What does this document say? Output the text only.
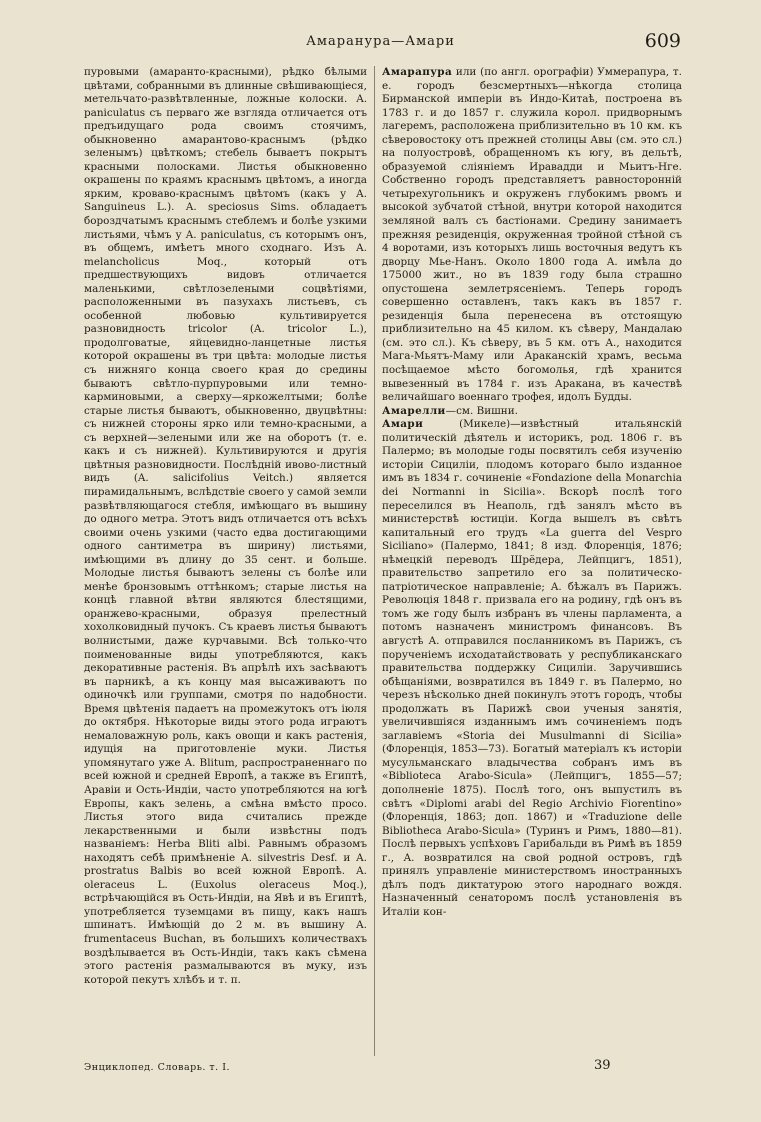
Амаранура—Амари	609

пуровыми (амаранто-красными), рѣдко бѣлыми цвѣтами, собранными въ длинные свѣшивающiеся, метельчато-развѣтвленные, ложные колоски. A. paniculatus съ перваго же взгляда отличается отъ предъидущаго рода своимъ стоячимъ, обыкновенно амарантово-краснымъ (рѣдко зеленымъ) цвѣткомъ; стебель бываетъ покрытъ красными полосками. Листья обыкновенно окрашены по краямъ краснымъ цвѣтомъ, а иногда ярким, кроваво-краснымъ цвѣтомъ (какъ у A. Sanguineus L.). A. speciosus Sims. обладаетъ бороздчатымъ краснымъ стеблемъ и болѣе узкими листьями, чѣмъ у A. paniculatus, съ которымъ онъ, въ общемъ, имѣетъ много сходнаго. Изъ A. melancholicus Moq., который отъ предшествующихъ видовъ отличается маленькими, свѣтлозелеными соцвѣтіями, расположенными въ пазухахъ листьевъ, съ особенной любовью культивируется разновидность tricolor (A. tricolor L.), продолговатые, яйцевидно-ланцетные листья которой окрашены въ три цвѣта: молодые листья съ нижняго конца своего края до средины бываютъ свѣтло-пурпуровыми или темно-карминовыми, а сверху—яркожелтыми; болѣе старые листья бываютъ, обыкновенно, двуцвѣтны: съ нижней стороны ярко или темно-красными, а съ верхней—зелеными или же на оборотъ (т. е. какъ и съ нижней). Культивируются и другія цвѣтныя разновидности. Послѣдній ивово-листный видъ (A. salicifolius Veitch.) является пирамидальнымъ, вслѣдствіе своего у самой земли развѣтвляющагося стебля, имѣющаго въ вышину до одного метра. Этотъ видъ отличается отъ всѣхъ своими очень узкими (часто едва достигающими одного сантиметра въ ширину) листьями, имѣющими въ длину до 35 сент. и больше. Молодые листья бываютъ зелены съ болѣе или менѣе бронзовымъ оттѣнкомъ; старые листья на концѣ главной вѣтви являются блестящими, оранжево-красными, образуя прелестный хохолковидный пучокъ. Съ краевъ листья бываютъ волнистыми, даже курчавыми. Всѣ только-что поименованные виды употребляются, какъ декоративные растенія. Въ апрѣлѣ ихъ засѣваютъ въ парникѣ, а къ концу мая высаживаютъ по одиночкѣ или группами, смотря по надобности. Время цвѣтенія падаетъ на промежутокъ отъ іюля до октября. Нѣкоторые виды этого рода играютъ немаловажную роль, какъ овощи и какъ растенія, идущія на приготовленіе муки. Листья упомянутаго уже A. Blitum, распространеннаго по всей южной и средней Европѣ, а также въ Египтѣ, Аравіи и Ость-Индіи, часто употребляются на югѣ Европы, какъ зелень, а смѣна вмѣсто просо. Листья этого вида считались прежде лекарственными и были извѣстны подъ названіемъ: Herba Bliti albi. Равнымъ образомъ находятъ себѣ примѣненіе A. silvestris Desf. и A. prostratus Balbis во всей южной Европѣ. A. oleraceus L. (Euxolus oleraceus Moq.), встрѣчающійся въ Ость-Индіи, на Явѣ и въ Египтѣ, употребляется туземцами въ пищу, какъ нашъ шпинатъ. Имѣющій до 2 м. въ вышину A. frumentaceus Buchan, въ большихъ количествахъ воздѣлывается въ Ость-Индіи, такъ какъ сѣмена этого растенія размалываются въ муку, изъ которой пекутъ хлѣбъ и т. п.

Амарапура или (по англ. орографіи) Уммерапура, т. е. городъ безсмертныхъ—нѣкогда столица Бирманской имперіи въ Индо-Китаѣ, построена въ 1783 г. и до 1857 г. служила корол. придворнымъ лагеремъ, расположена приблизительно въ 10 км. къ сѣверовостоку отъ прежней столицы Авы (см. это сл.) на полуостровѣ, обращенномъ къ югу, въ дельтѣ, образуемой сліяніемъ Иравадди и Мьитъ-Нге. Собственно городъ представляетъ равносторонній четырехугольникъ и окруженъ глубокимъ рвомъ и высокой зубчатой стѣной, внутри которой находится земляной валъ съ бастіонами. Средину занимаетъ прежняя резиденція, окруженная тройной стѣной съ 4 воротами, изъ которыхъ лишь восточныя ведутъ къ дворцу Мье-Нанъ. Около 1800 года A. имѣла до 175000 жит., но въ 1839 году была страшно опустошена землетрясеніемъ. Теперь городъ совершенно оставленъ, такъ какъ въ 1857 г. резиденція была перенесена въ отстоящую приблизительно на 45 килом. къ сѣверу, Мандалаю (см. это сл.). Къ сѣверу, въ 5 км. отъ A., находится Мага-Мьятъ-Маму или Араканскій храмъ, весьма посѣщаемое мѣсто богомолья, гдѣ хранится вывезенный въ 1784 г. изъ Аракана, въ качествѣ величайшаго военнаго трофея, идолъ Будды.

Амарелли—см. Вишни.

Амари	(Микеле)—извѣстный итальянскій политическій дѣятель и историкъ, род. 1806 г. въ Палермо; въ молодые годы посвятилъ себя изученію исторіи Сициліи, плодомъ котораго было изданное имъ въ 1834 г. сочиненіе «Fondazione della Monarchia dei Normanni in Sicilia». Вскорѣ послѣ того переселился въ Неаполь, гдѣ занялъ мѣсто въ министерствѣ юстиціи. Когда вышелъ въ свѣтъ капитальный его трудъ «La guerra del Vespro Siciliano» (Палермо, 1841; 8 изд. Флоренція, 1876; нѣмецкій переводъ Шрёдера, Лейпцигъ, 1851), правительство запретило его за политическо-патріотическое направленіе; A. бѣжалъ въ Парижъ. Революція 1848 г. призвала его на родину, гдѣ онъ въ томъ же году былъ избранъ въ члены парламента, а потомъ назначенъ министромъ финансовъ. Въ августѣ A. отправился посланникомъ въ Парижъ, съ порученіемъ исходатайствовать у республиканскаго правительства поддержку Сициліи. Заручившись обѣщаніями, возвратился въ 1849 г. въ Палермо, но черезъ нѣсколько дней покинулъ этотъ городъ, чтобы продолжать въ Парижѣ свои ученыя занятія, увеличившіяся изданнымъ имъ сочиненіемъ подъ заглавіемъ «Storia dei Musulmanni di Sicilia» (Флоренція, 1853—73). Богатый матеріалъ къ исторіи мусульманскаго владычества собранъ имъ въ «Biblioteca Arabo-Sicula» (Лейпцигъ, 1855—57; дополненіе 1875). Послѣ того, онъ выпустилъ въ свѣтъ «Diplomi arabi del Regio Archivio Fiorentino» (Флоренція, 1863; доп. 1867) и «Traduzione delle Bibliotheca Arabo-Sicula» (Туринъ и Римъ, 1880—81). Послѣ первыхъ успѣховъ Гарибальди въ Римѣ въ 1859 г., A. возвратился на свой родной островъ, гдѣ принялъ управленіе министерствомъ иностранныхъ дѣлъ подъ диктатурою этого народнаго вождя. Назначенный сенаторомъ послѣ установленія въ Италіи кон-

Энциклопед. Словарь. т. I.	39
